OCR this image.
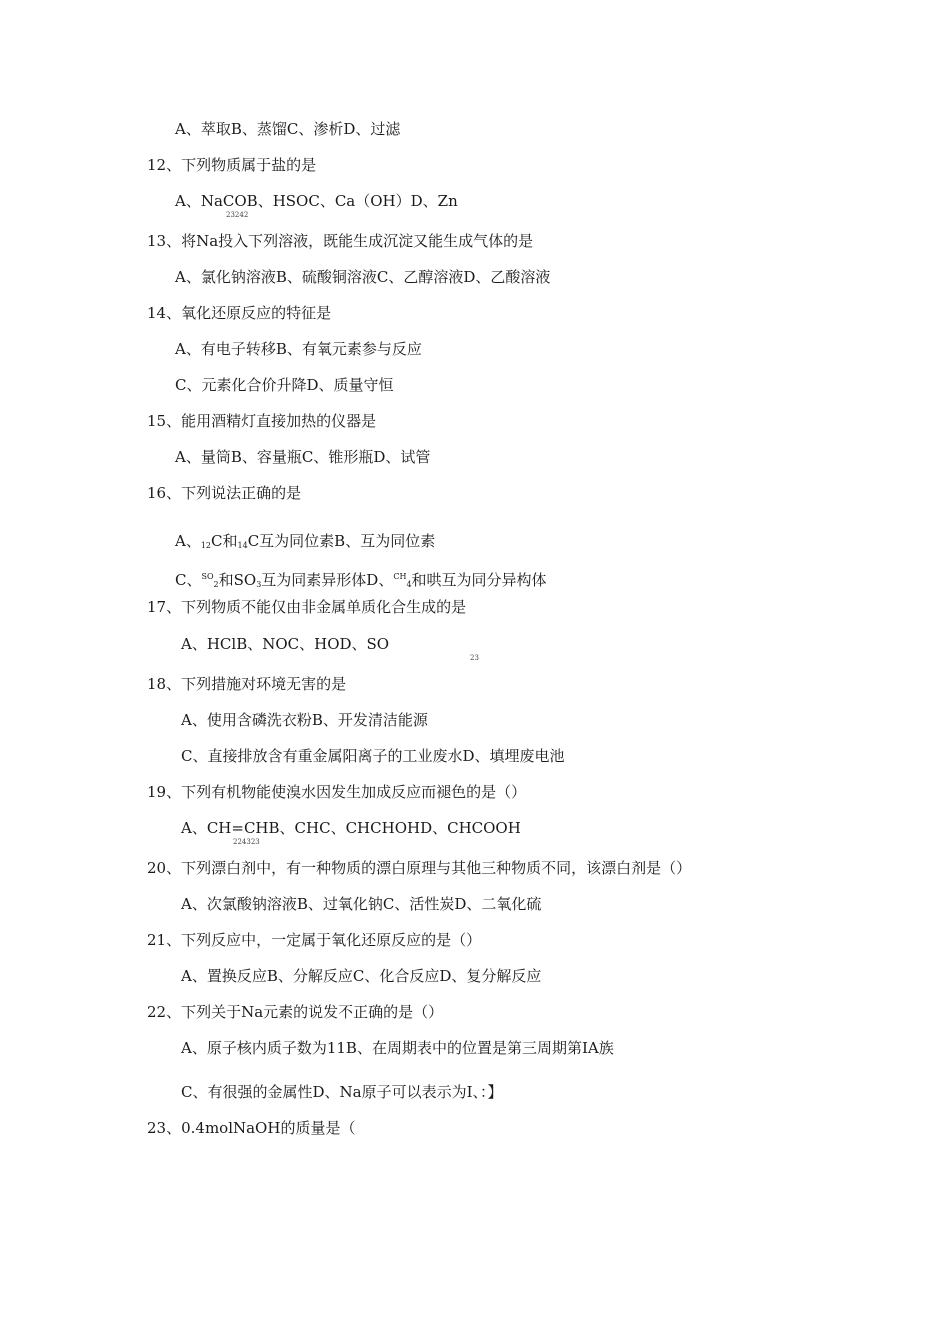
A、萃取B、蒸馏C、渗析D、过滤
12、下列物质属于盐的是
A、NaCOB、HSOC、Ca（OH）D、Zn
23242
13、将Na投入下列溶液，既能生成沉淀又能生成气体的是
A、氯化钠溶液B、硫酸铜溶液C、乙醇溶液D、乙酸溶液
14、氧化还原反应的特征是
A、有电子转移B、有氧元素参与反应
C、元素化合价升降D、质量守恒
15、能用酒精灯直接加热的仪器是
A、量筒B、容量瓶C、锥形瓶D、试管
16、下列说法正确的是
A、$_{12}$C和$_{14}$C互为同位素B、互为同位素
C、$^{SO}_2$和$SO_3$互为同素异形体D、$^{CH}_4$和哄互为同分异构体
17、下列物质不能仅由非金属单质化合生成的是
A、HClB、NOC、HOD、SO
23
18、下列措施对环境无害的是
A、使用含磷洗衣粉B、开发清洁能源
C、直接排放含有重金属阳离子的工业废水D、填埋废电池
19、下列有机物能使溴水因发生加成反应而褪色的是（）
A、CH=CHB、CHC、CHCHOHD、CHCOOH
224323
20、下列漂白剂中，有一种物质的漂白原理与其他三种物质不同，该漂白剂是（）
A、次氯酸钠溶液B、过氧化钠C、活性炭D、二氧化硫
21、下列反应中，一定属于氧化还原反应的是（）
A、置换反应B、分解反应C、化合反应D、复分解反应
22、下列关于Na元素的说发不正确的是（）
A、原子核内质子数为11B、在周期表中的位置是第三周期第IA族
C、有很强的金属性D、Na原子可以表示为I、：】
23、0.4molNaOH的质量是（
